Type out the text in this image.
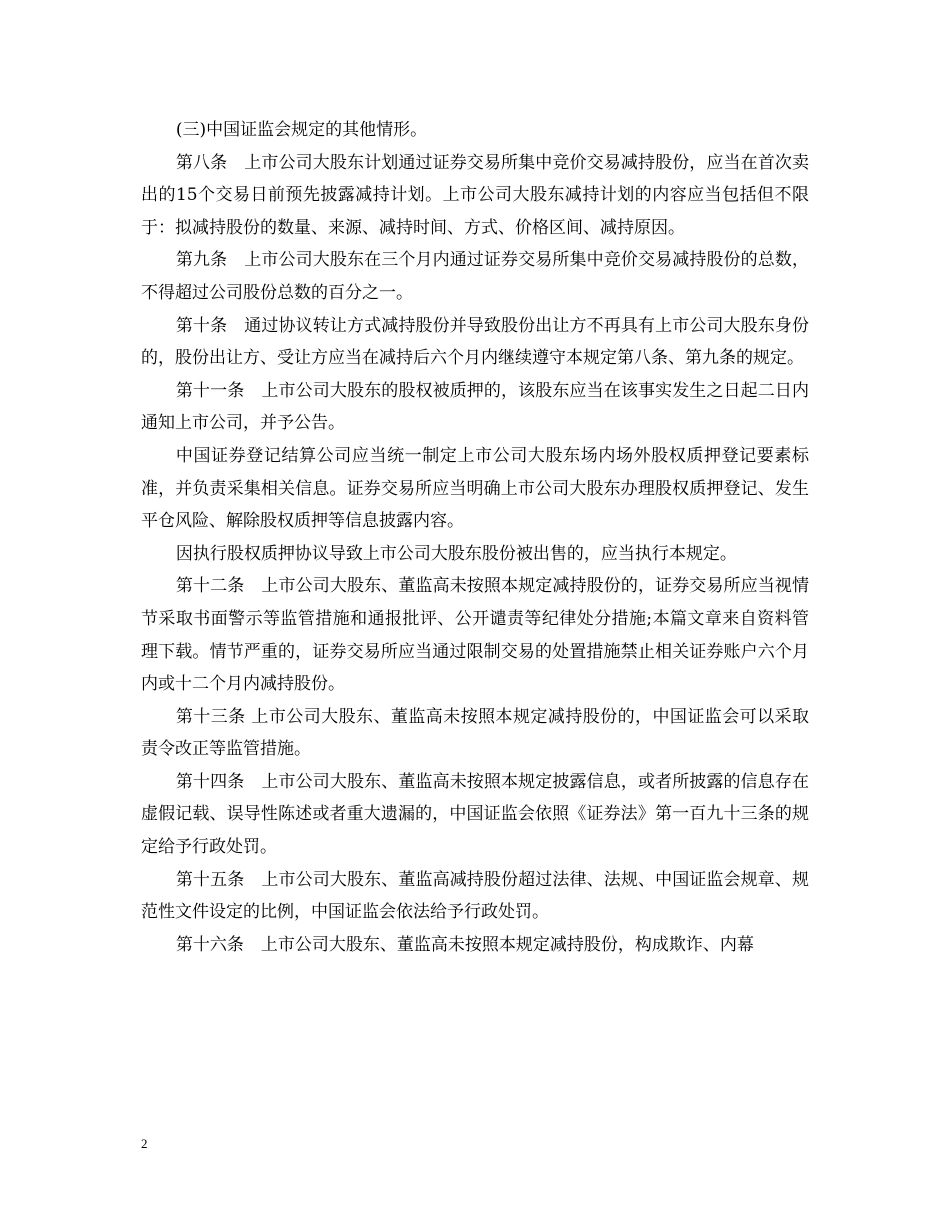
(三)中国证监会规定的其他情形。

第八条　上市公司大股东计划通过证券交易所集中竞价交易减持股份，应当在首次卖出的15个交易日前预先披露减持计划。上市公司大股东减持计划的内容应当包括但不限于：拟减持股份的数量、来源、减持时间、方式、价格区间、减持原因。

第九条　上市公司大股东在三个月内通过证券交易所集中竞价交易减持股份的总数，不得超过公司股份总数的百分之一。

第十条　通过协议转让方式减持股份并导致股份出让方不再具有上市公司大股东身份的，股份出让方、受让方应当在减持后六个月内继续遵守本规定第八条、第九条的规定。

第十一条　上市公司大股东的股权被质押的，该股东应当在该事实发生之日起二日内通知上市公司，并予公告。

中国证券登记结算公司应当统一制定上市公司大股东场内场外股权质押登记要素标准，并负责采集相关信息。证券交易所应当明确上市公司大股东办理股权质押登记、发生平仓风险、解除股权质押等信息披露内容。

因执行股权质押协议导致上市公司大股东股份被出售的，应当执行本规定。

第十二条　上市公司大股东、董监高未按照本规定减持股份的，证券交易所应当视情节采取书面警示等监管措施和通报批评、公开谴责等纪律处分措施;本篇文章来自资料管理下载。情节严重的，证券交易所应当通过限制交易的处置措施禁止相关证券账户六个月内或十二个月内减持股份。

第十三条 上市公司大股东、董监高未按照本规定减持股份的，中国证监会可以采取责令改正等监管措施。

第十四条　上市公司大股东、董监高未按照本规定披露信息，或者所披露的信息存在虚假记载、误导性陈述或者重大遗漏的，中国证监会依照《证券法》第一百九十三条的规定给予行政处罚。

第十五条　上市公司大股东、董监高减持股份超过法律、法规、中国证监会规章、规范性文件设定的比例，中国证监会依法给予行政处罚。

第十六条　上市公司大股东、董监高未按照本规定减持股份，构成欺诈、内幕

2
